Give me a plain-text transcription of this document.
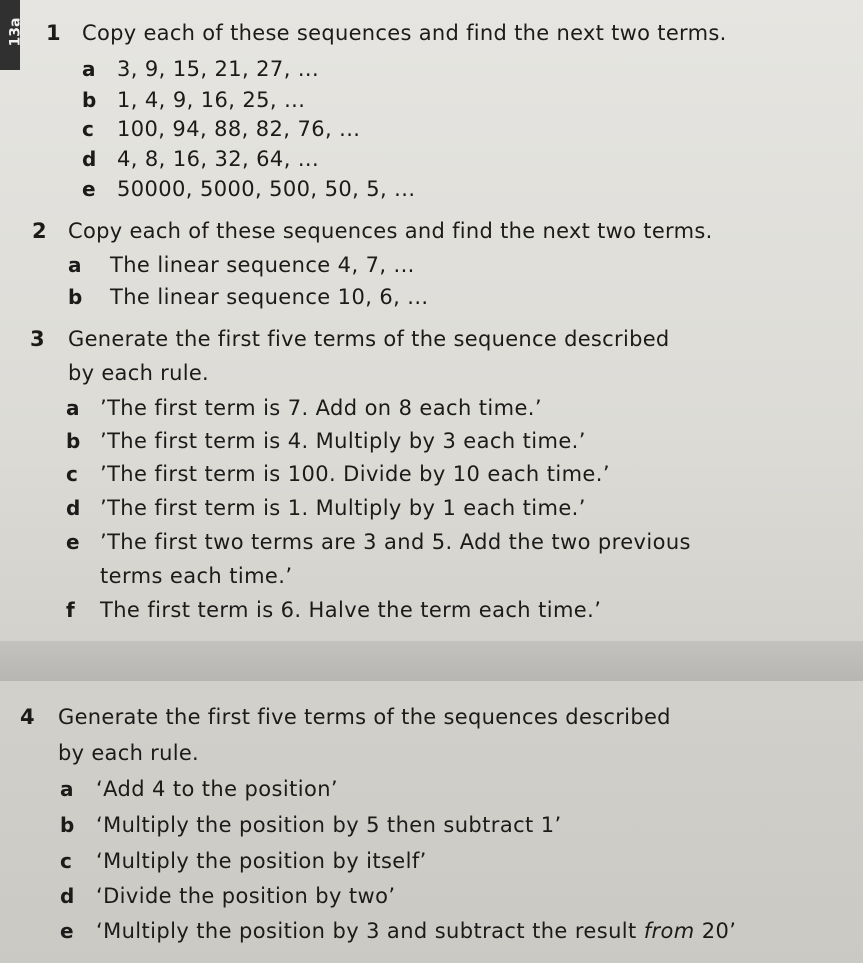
13a 1 Copy each of these sequences and find the next two terms.
a 3, 9, 15, 21, 27, ...
b 1, 4, 9, 16, 25, ...
c 100, 94, 88, 82, 76, ...
d 4, 8, 16, 32, 64, ...
e 50000, 5000, 500, 50, 5, ...
2 Copy each of these sequences and find the next two terms.
a The linear sequence 4, 7, ...
b The linear sequence 10, 6, ...
3 Generate the first five terms of the sequence described
by each rule.
a ’The first term is 7. Add on 8 each time.’
b ’The first term is 4. Multiply by 3 each time.’
c ’The first term is 100. Divide by 10 each time.’
d ’The first term is 1. Multiply by 1 each time.’
e ’The first two terms are 3 and 5. Add the two previous
terms each time.’
f The first term is 6. Halve the term each time.’
4 Generate the first five terms of the sequences described
by each rule.
a ‘Add 4 to the position’
b ‘Multiply the position by 5 then subtract 1’
c ‘Multiply the position by itself’
d ‘Divide the position by two’
e ‘Multiply the position by 3 and subtract the result from 20’
